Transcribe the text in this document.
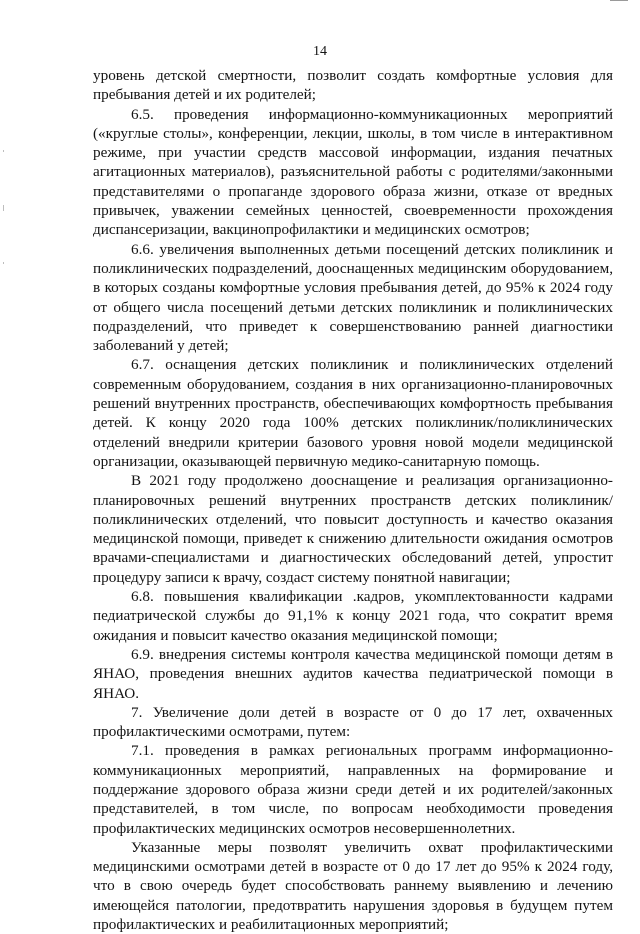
14

уровень детской смертности, позволит создать комфортные условия для пребывания детей и их родителей;

6.5. проведения информационно-коммуникационных мероприятий («круглые столы», конференции, лекции, школы, в том числе в интерактивном режиме, при участии средств массовой информации, издания печатных агитационных материалов), разъяснительной работы с родителями/законными представителями о пропаганде здорового образа жизни, отказе от вредных привычек, уважении семейных ценностей, своевременности прохождения диспансеризации, вакцинопрофилактики и медицинских осмотров;

6.6. увеличения выполненных детьми посещений детских поликлиник и поликлинических подразделений, дооснащенных медицинским оборудованием, в которых созданы комфортные условия пребывания детей, до 95% к 2024 году от общего числа посещений детьми детских поликлиник и поликлинических подразделений, что приведет к совершенствованию ранней диагностики заболеваний у детей;

6.7. оснащения детских поликлиник и поликлинических отделений современным оборудованием, создания в них организационно-планировочных решений внутренних пространств, обеспечивающих комфортность пребывания детей. К концу 2020 года 100% детских поликлиник/поликлинических отделений внедрили критерии базового уровня новой модели медицинской организации, оказывающей первичную медико-санитарную помощь.

В 2021 году продолжено дооснащение и реализация организационно-планировочных решений внутренних пространств детских поликлиник/поликлинических отделений, что повысит доступность и качество оказания медицинской помощи, приведет к снижению длительности ожидания осмотров врачами-специалистами и диагностических обследований детей, упростит процедуру записи к врачу, создаст систему понятной навигации;

6.8. повышения квалификации .кадров, укомплектованности кадрами педиатрической службы до 91,1% к концу 2021 года, что сократит время ожидания и повысит качество оказания медицинской помощи;

6.9. внедрения системы контроля качества медицинской помощи детям в ЯНАО, проведения внешних аудитов качества педиатрической помощи в ЯНАО.

7. Увеличение доли детей в возрасте от 0 до 17 лет, охваченных профилактическими осмотрами, путем:

7.1. проведения в рамках региональных программ информационно-коммуникационных мероприятий, направленных на формирование и поддержание здорового образа жизни среди детей и их родителей/законных представителей, в том числе, по вопросам необходимости проведения профилактических медицинских осмотров несовершеннолетних.

Указанные меры позволят увеличить охват профилактическими медицинскими осмотрами детей в возрасте от 0 до 17 лет до 95% к 2024 году, что в свою очередь будет способствовать раннему выявлению и лечению имеющейся патологии, предотвратить нарушения здоровья в будущем путем профилактических и реабилитационных мероприятий;
